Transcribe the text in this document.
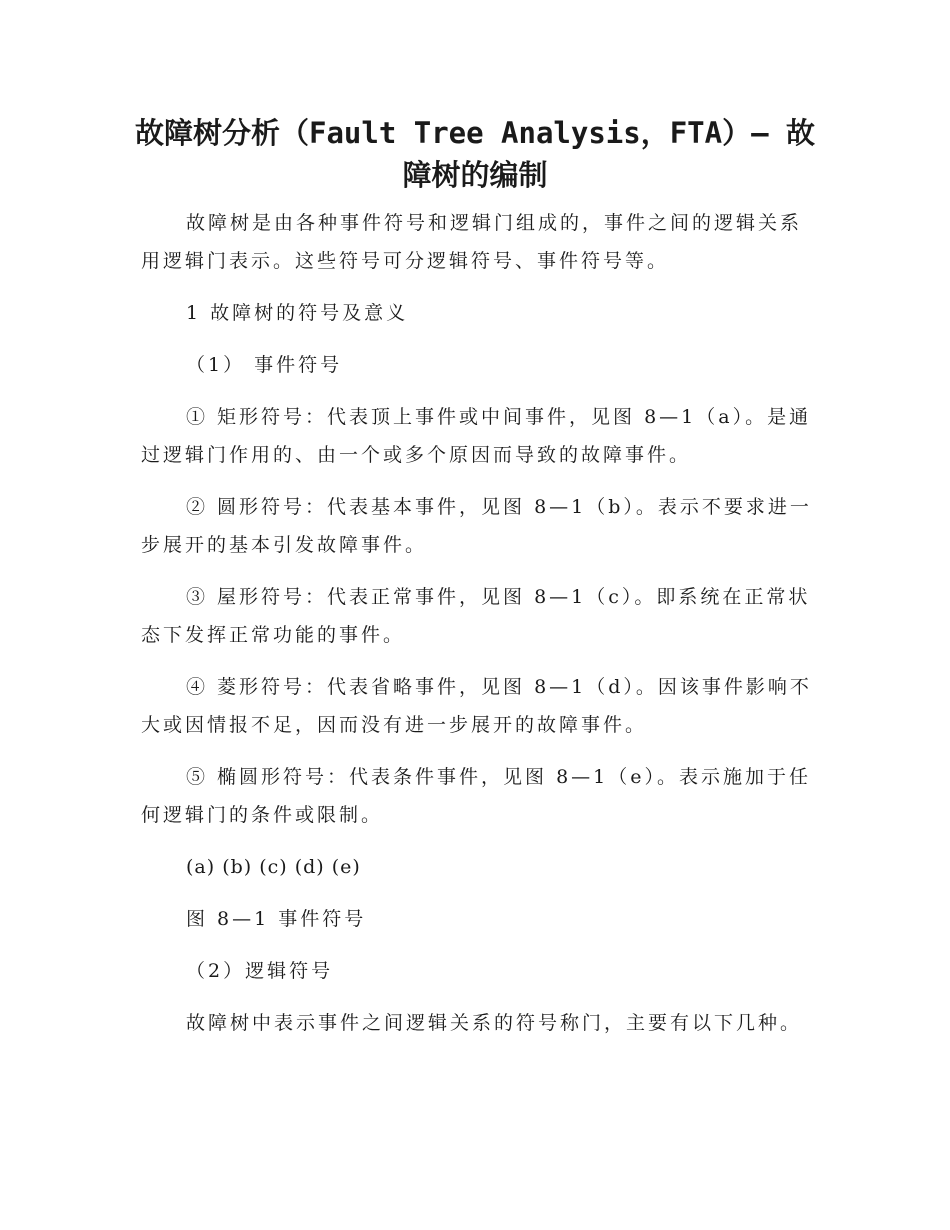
故障树分析（Fault Tree Analysis，FTA）— 故
障树的编制

故障树是由各种事件符号和逻辑门组成的，事件之间的逻辑关系
用逻辑门表示。这些符号可分逻辑符号、事件符号等。

1 故障树的符号及意义

（1） 事件符号

① 矩形符号：代表顶上事件或中间事件，见图 8—1（a）。是通
过逻辑门作用的、由一个或多个原因而导致的故障事件。

② 圆形符号：代表基本事件，见图 8—1（b）。表示不要求进一
步展开的基本引发故障事件。

③ 屋形符号：代表正常事件，见图 8—1（c）。即系统在正常状
态下发挥正常功能的事件。

④ 菱形符号：代表省略事件，见图 8—1（d）。因该事件影响不
大或因情报不足，因而没有进一步展开的故障事件。

⑤ 椭圆形符号：代表条件事件，见图 8—1（e）。表示施加于任
何逻辑门的条件或限制。

(a) (b) (c) (d) (e)

图 8—1 事件符号

（2）逻辑符号

故障树中表示事件之间逻辑关系的符号称门，主要有以下几种。
